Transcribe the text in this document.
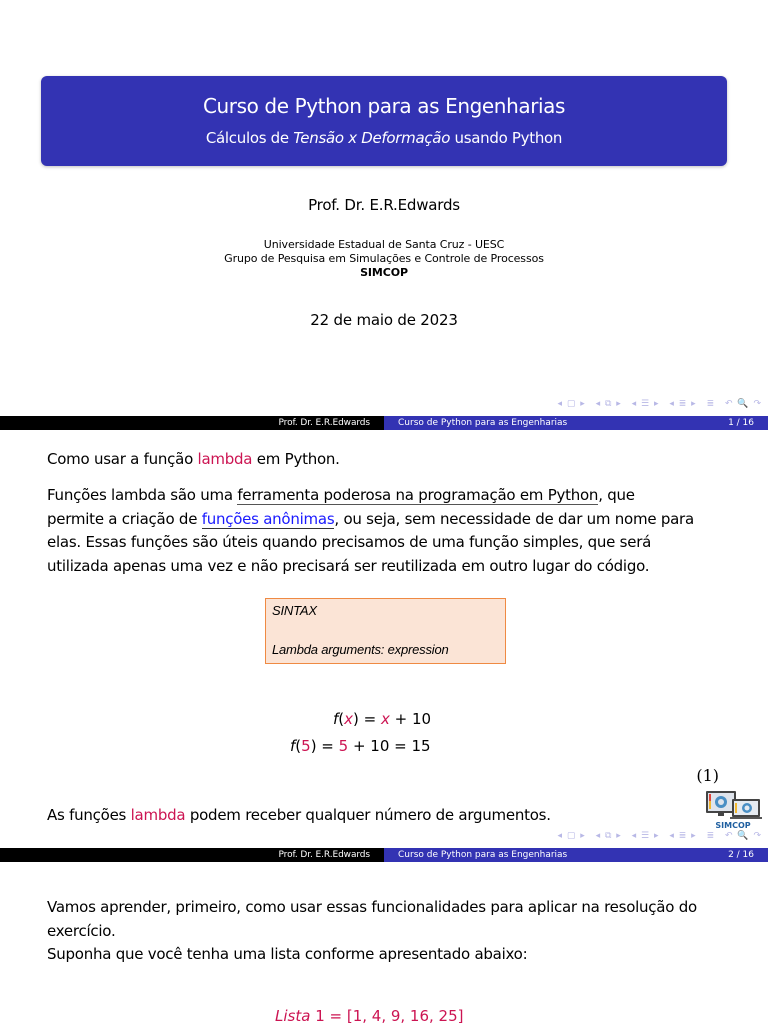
Curso de Python para as Engenharias
Cálculos de Tensão x Deformação usando Python
Prof. Dr. E.R.Edwards
Universidade Estadual de Santa Cruz - UESC
Grupo de Pesquisa em Simulações e Controle de Processos
SIMCOP
22 de maio de 2023
◂ ▢ ▸ ◂ ⧉ ▸ ◂ ☰ ▸ ◂ ≣ ▸ ≣ ↶ 🔍 ↷
Prof. Dr. E.R.Edwards	Curso de Python para as Engenharias	1 / 16
Como usar a função lambda em Python.
Funções lambda são uma ferramenta poderosa na programação em Python, que
permite a criação de funções anônimas, ou seja, sem necessidade de dar um nome para
elas. Essas funções são úteis quando precisamos de uma função simples, que será
utilizada apenas uma vez e não precisará ser reutilizada em outro lugar do código.
SINTAX
Lambda arguments: expression
f(x) = x + 10
f(5) = 5 + 10 = 15
(1)
As funções lambda podem receber qualquer número de argumentos.
SIMCOP
◂ ▢ ▸ ◂ ⧉ ▸ ◂ ☰ ▸ ◂ ≣ ▸ ≣ ↶ 🔍 ↷
Prof. Dr. E.R.Edwards	Curso de Python para as Engenharias	2 / 16
Vamos aprender, primeiro, como usar essas funcionalidades para aplicar na resolução do
exercício.
Suponha que você tenha uma lista conforme apresentado abaixo:
Lista 1 = [1, 4, 9, 16, 25]
